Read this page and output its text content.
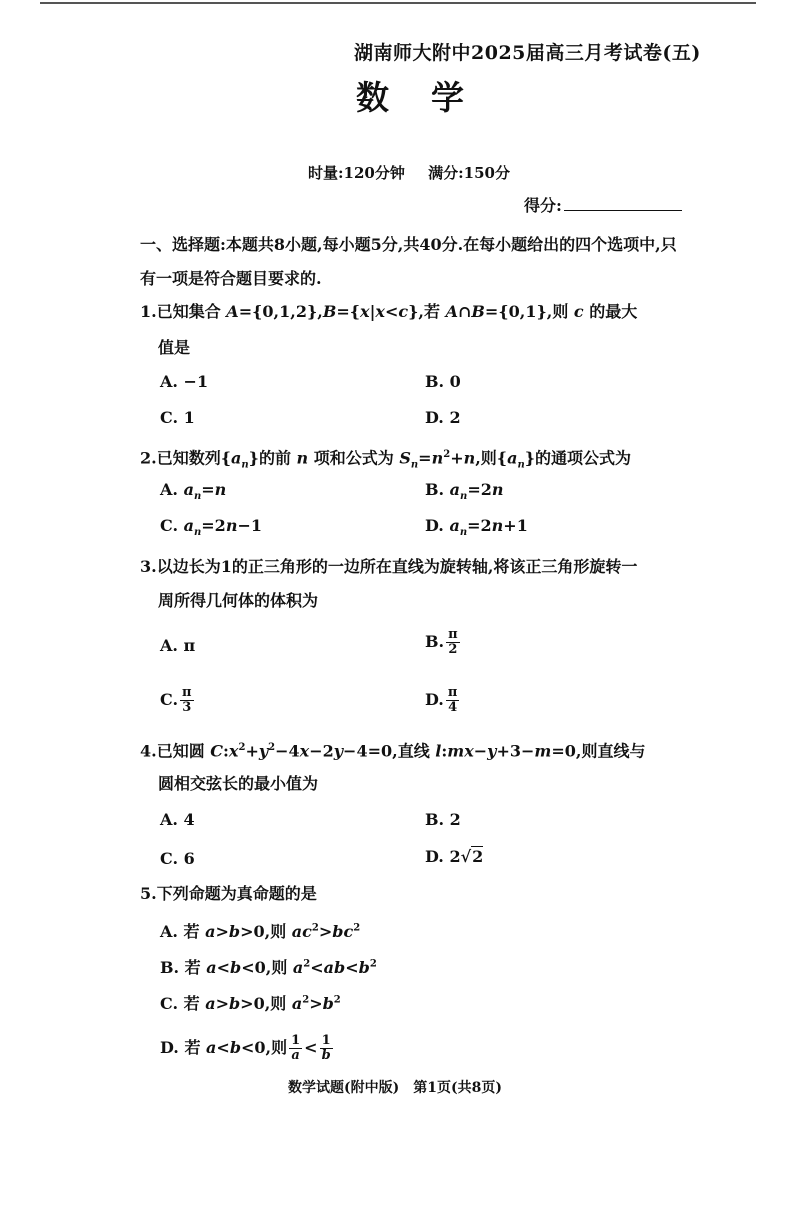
湖南师大附中2025届高三月考试卷(五)
数学
时量:120分钟 满分:150分
得分:
一、选择题:本题共8小题,每小题5分,共40分.在每小题给出的四个选项中,只有一项是符合题目要求的.
1.已知集合 A={0,1,2},B={x|x<c},若 A∩B={0,1},则 c 的最大
值是
A. −1	B. 0
C. 1	D. 2
2.已知数列$\{a_n\}$的前 n 项和公式为 $S_n=n^2+n$,则$\{a_n\}$的通项公式为
A. $a_n=n$	B. $a_n=2n$
C. $a_n=2n-1$	D. $a_n=2n+1$
3.以边长为1的正三角形的一边所在直线为旋转轴,将该正三角形旋转一
周所得几何体的体积为
A. π	B. $\frac{\pi}{2}$
C. $\frac{\pi}{3}$	D. $\frac{\pi}{4}$
4.已知圆 $C:x^2+y^2-4x-2y-4=0$,直线 l:mx−y+3−m=0,则直线与
圆相交弦长的最小值为
A. 4	B. 2
C. 6	D. 2√2
5.下列命题为真命题的是
A. 若 a>b>0,则 $ac^2>bc^2$
B. 若 a<b<0,则 $a^2<ab<b^2$
C. 若 a>b>0,则 $a^2>b^2$
D. 若 a<b<0,则 $\frac{1}{a} < \frac{1}{b}$
数学试题(附中版) 第1页(共8页)
